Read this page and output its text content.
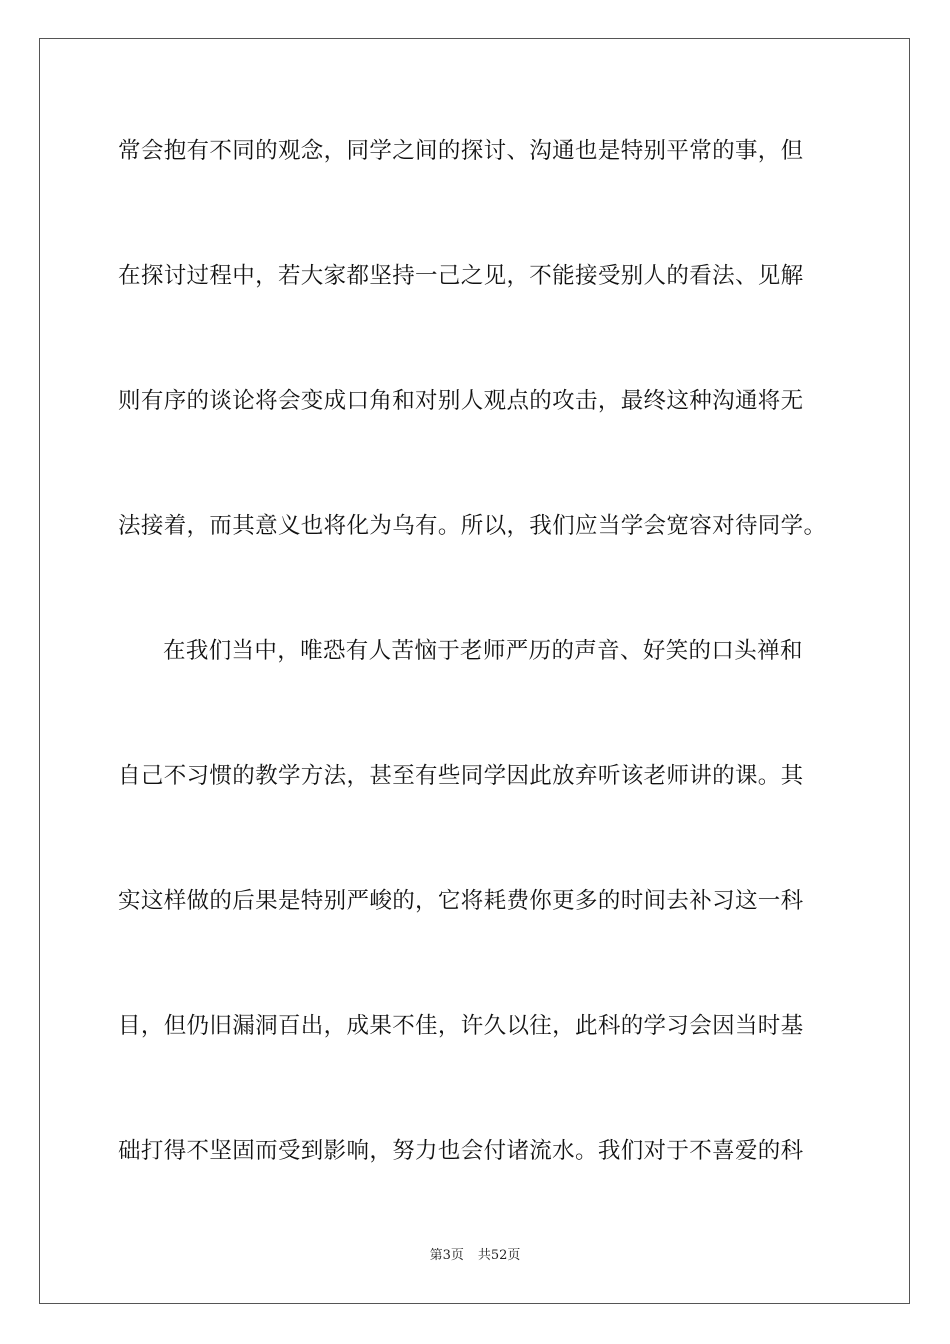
常会抱有不同的观念，同学之间的探讨、沟通也是特别平常的事，但
在探讨过程中，若大家都坚持一己之见，不能接受别人的看法、见解
则有序的谈论将会变成口角和对别人观点的攻击，最终这种沟通将无
法接着，而其意义也将化为乌有。所以，我们应当学会宽容对待同学。
在我们当中，唯恐有人苦恼于老师严历的声音、好笑的口头禅和
自己不习惯的教学方法，甚至有些同学因此放弃听该老师讲的课。其
实这样做的后果是特别严峻的，它将耗费你更多的时间去补习这一科
目，但仍旧漏洞百出，成果不佳，许久以往，此科的学习会因当时基
础打得不坚固而受到影响，努力也会付诸流水。我们对于不喜爱的科
第3页 共52页
